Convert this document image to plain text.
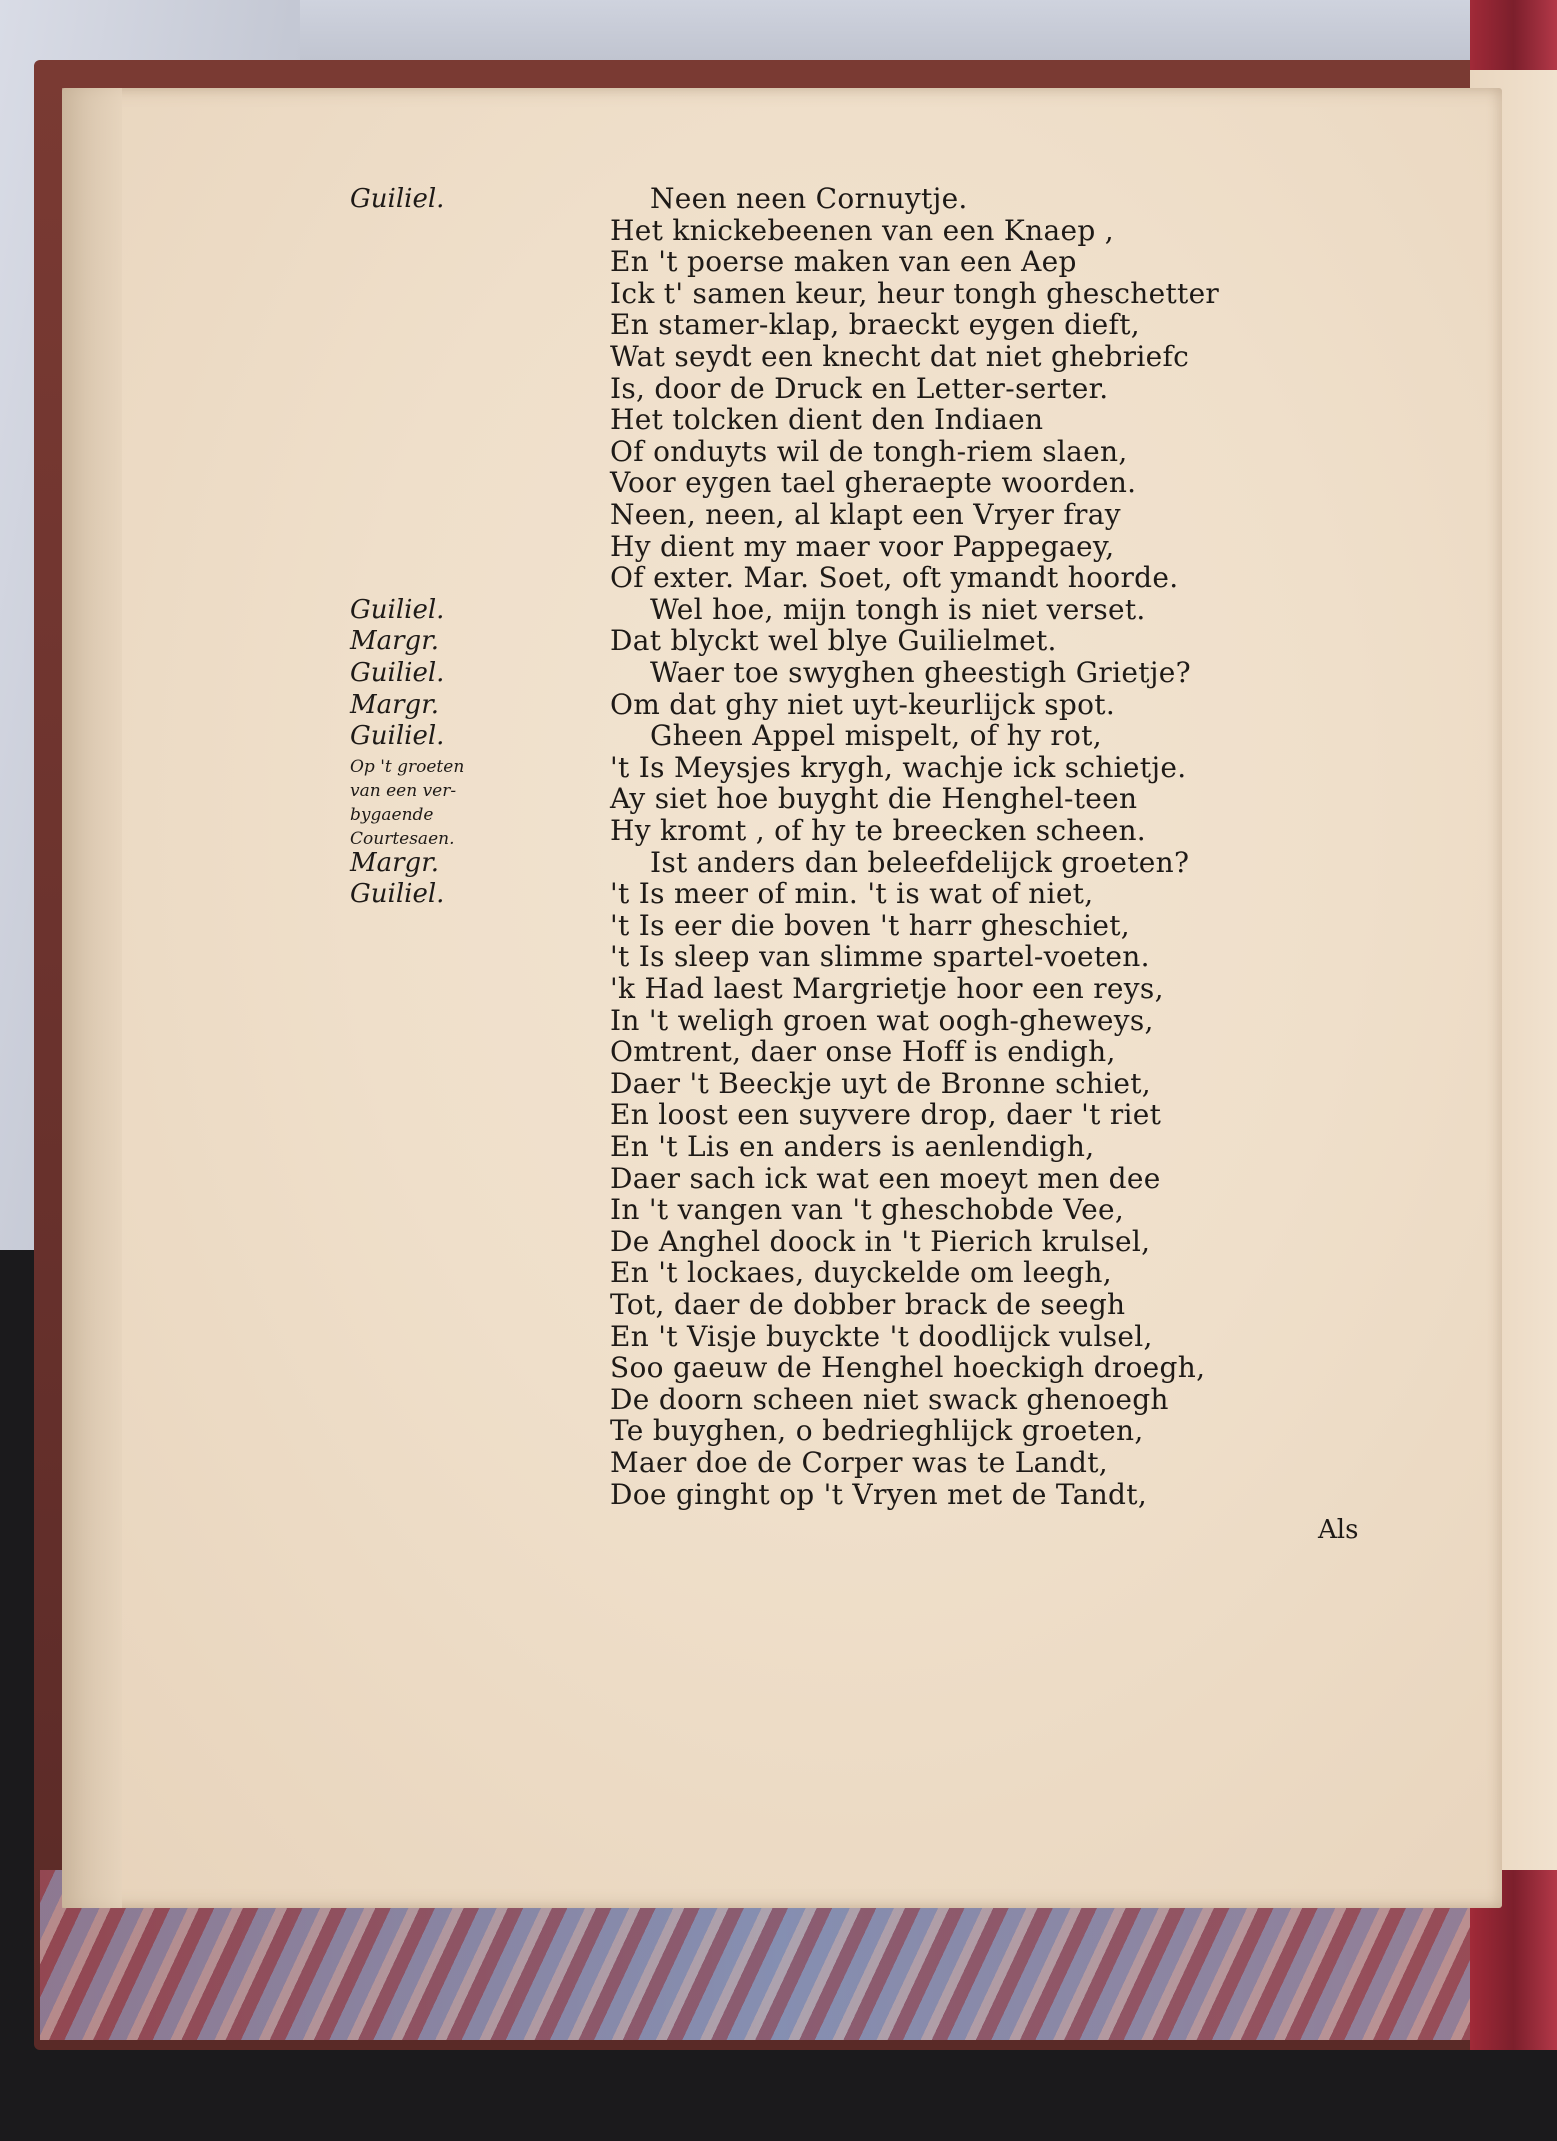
Guiliel.
Guiliel.
Margr.
Guiliel.
Margr.
Guiliel.
Margr.
Guiliel.
Op 't groeten
van een ver-
bygaende
Courtesaen.
Neen neen Cornuytje.
Het knickebeenen van een Knaep ,
En 't poerse maken van een Aep
Ick t' samen keur, heur tongh gheschetter
En stamer-klap, braeckt eygen dieft,
Wat seydt een knecht dat niet ghebriefc
Is, door de Druck en Letter-serter.
Het tolcken dient den Indiaen
Of onduyts wil de tongh-riem slaen,
Voor eygen tael gheraepte woorden.
Neen, neen, al klapt een Vryer fray
Hy dient my maer voor Pappegaey,
Of exter. Mar. Soet, oft ymandt hoorde.
Wel hoe, mijn tongh is niet verset.
Dat blyckt wel blye Guilielmet.
Waer toe swyghen gheestigh Grietje?
Om dat ghy niet uyt-keurlijck spot.
Gheen Appel mispelt, of hy rot,
't Is Meysjes krygh, wachje ick schietje.
Ay siet hoe buyght die Henghel-teen
Hy kromt , of hy te breecken scheen.
Ist anders dan beleefdelijck groeten?
't Is meer of min. 't is wat of niet,
't Is eer die boven 't harr gheschiet,
't Is sleep van slimme spartel-voeten.
'k Had laest Margrietje hoor een reys,
In 't weligh groen wat oogh-gheweys,
Omtrent, daer onse Hoff is endigh,
Daer 't Beeckje uyt de Bronne schiet,
En loost een suyvere drop, daer 't riet
En 't Lis en anders is aenlendigh,
Daer sach ick wat een moeyt men dee
In 't vangen van 't gheschobde Vee,
De Anghel doock in 't Pierich krulsel,
En 't lockaes, duyckelde om leegh,
Tot, daer de dobber brack de seegh
En 't Visje buyckte 't doodlijck vulsel,
Soo gaeuw de Henghel hoeckigh droegh,
De doorn scheen niet swack ghenoegh
Te buyghen, o bedrieghlijck groeten,
Maer doe de Corper was te Landt,
Doe ginght op 't Vryen met de Tandt,
Als
